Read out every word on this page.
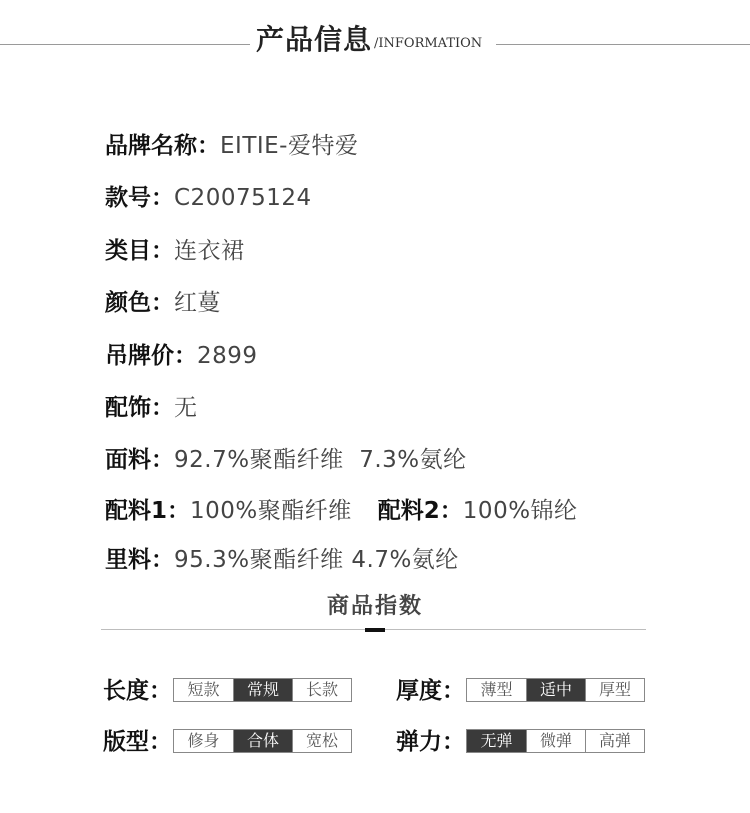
产品信息 /INFORMATION
品牌名称：EITIE-爱特爱
款号：C20075124
类目：连衣裙
颜色：红蔓
吊牌价：2899
配饰：无
面料：92.7%聚酯纤维  7.3%氨纶
配料1：100%聚酯纤维 配料2：100%锦纶
里料：95.3%聚酯纤维 4.7%氨纶
商品指数
长度： 短款	常规	长款	厚度： 薄型	适中	厚型
版型： 修身	合体	宽松	弹力： 无弹	微弹	高弹
